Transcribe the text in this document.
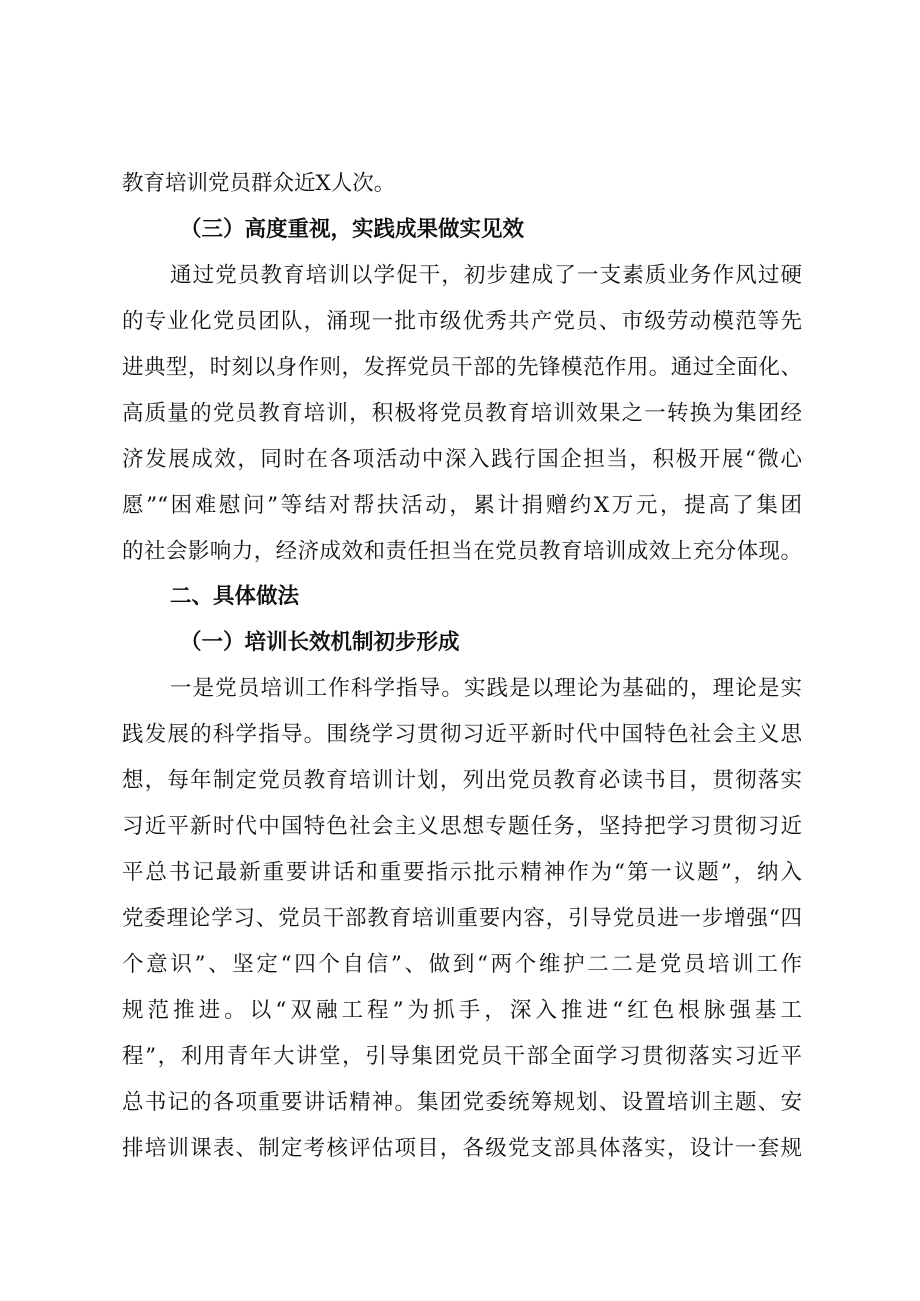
教育培训党员群众近X人次。
（三）高度重视，实践成果做实见效
通过党员教育培训以学促干，初步建成了一支素质业务作风过硬
的专业化党员团队，涌现一批市级优秀共产党员、市级劳动模范等先
进典型，时刻以身作则，发挥党员干部的先锋模范作用。通过全面化、
高质量的党员教育培训，积极将党员教育培训效果之一转换为集团经
济发展成效，同时在各项活动中深入践行国企担当，积极开展“微心
愿”“困难慰问”等结对帮扶活动，累计捐赠约X万元，提高了集团
的社会影响力，经济成效和责任担当在党员教育培训成效上充分体现。
二、具体做法
（一）培训长效机制初步形成
一是党员培训工作科学指导。实践是以理论为基础的，理论是实
践发展的科学指导。围绕学习贯彻习近平新时代中国特色社会主义思
想，每年制定党员教育培训计划，列出党员教育必读书目，贯彻落实
习近平新时代中国特色社会主义思想专题任务，坚持把学习贯彻习近
平总书记最新重要讲话和重要指示批示精神作为“第一议题”，纳入
党委理论学习、党员干部教育培训重要内容，引导党员进一步增强“四
个意识”、坚定“四个自信”、做到“两个维护二二是党员培训工作
规范推进。以“双融工程”为抓手，深入推进“红色根脉强基工
程”，利用青年大讲堂，引导集团党员干部全面学习贯彻落实习近平
总书记的各项重要讲话精神。集团党委统筹规划、设置培训主题、安
排培训课表、制定考核评估项目，各级党支部具体落实，设计一套规
